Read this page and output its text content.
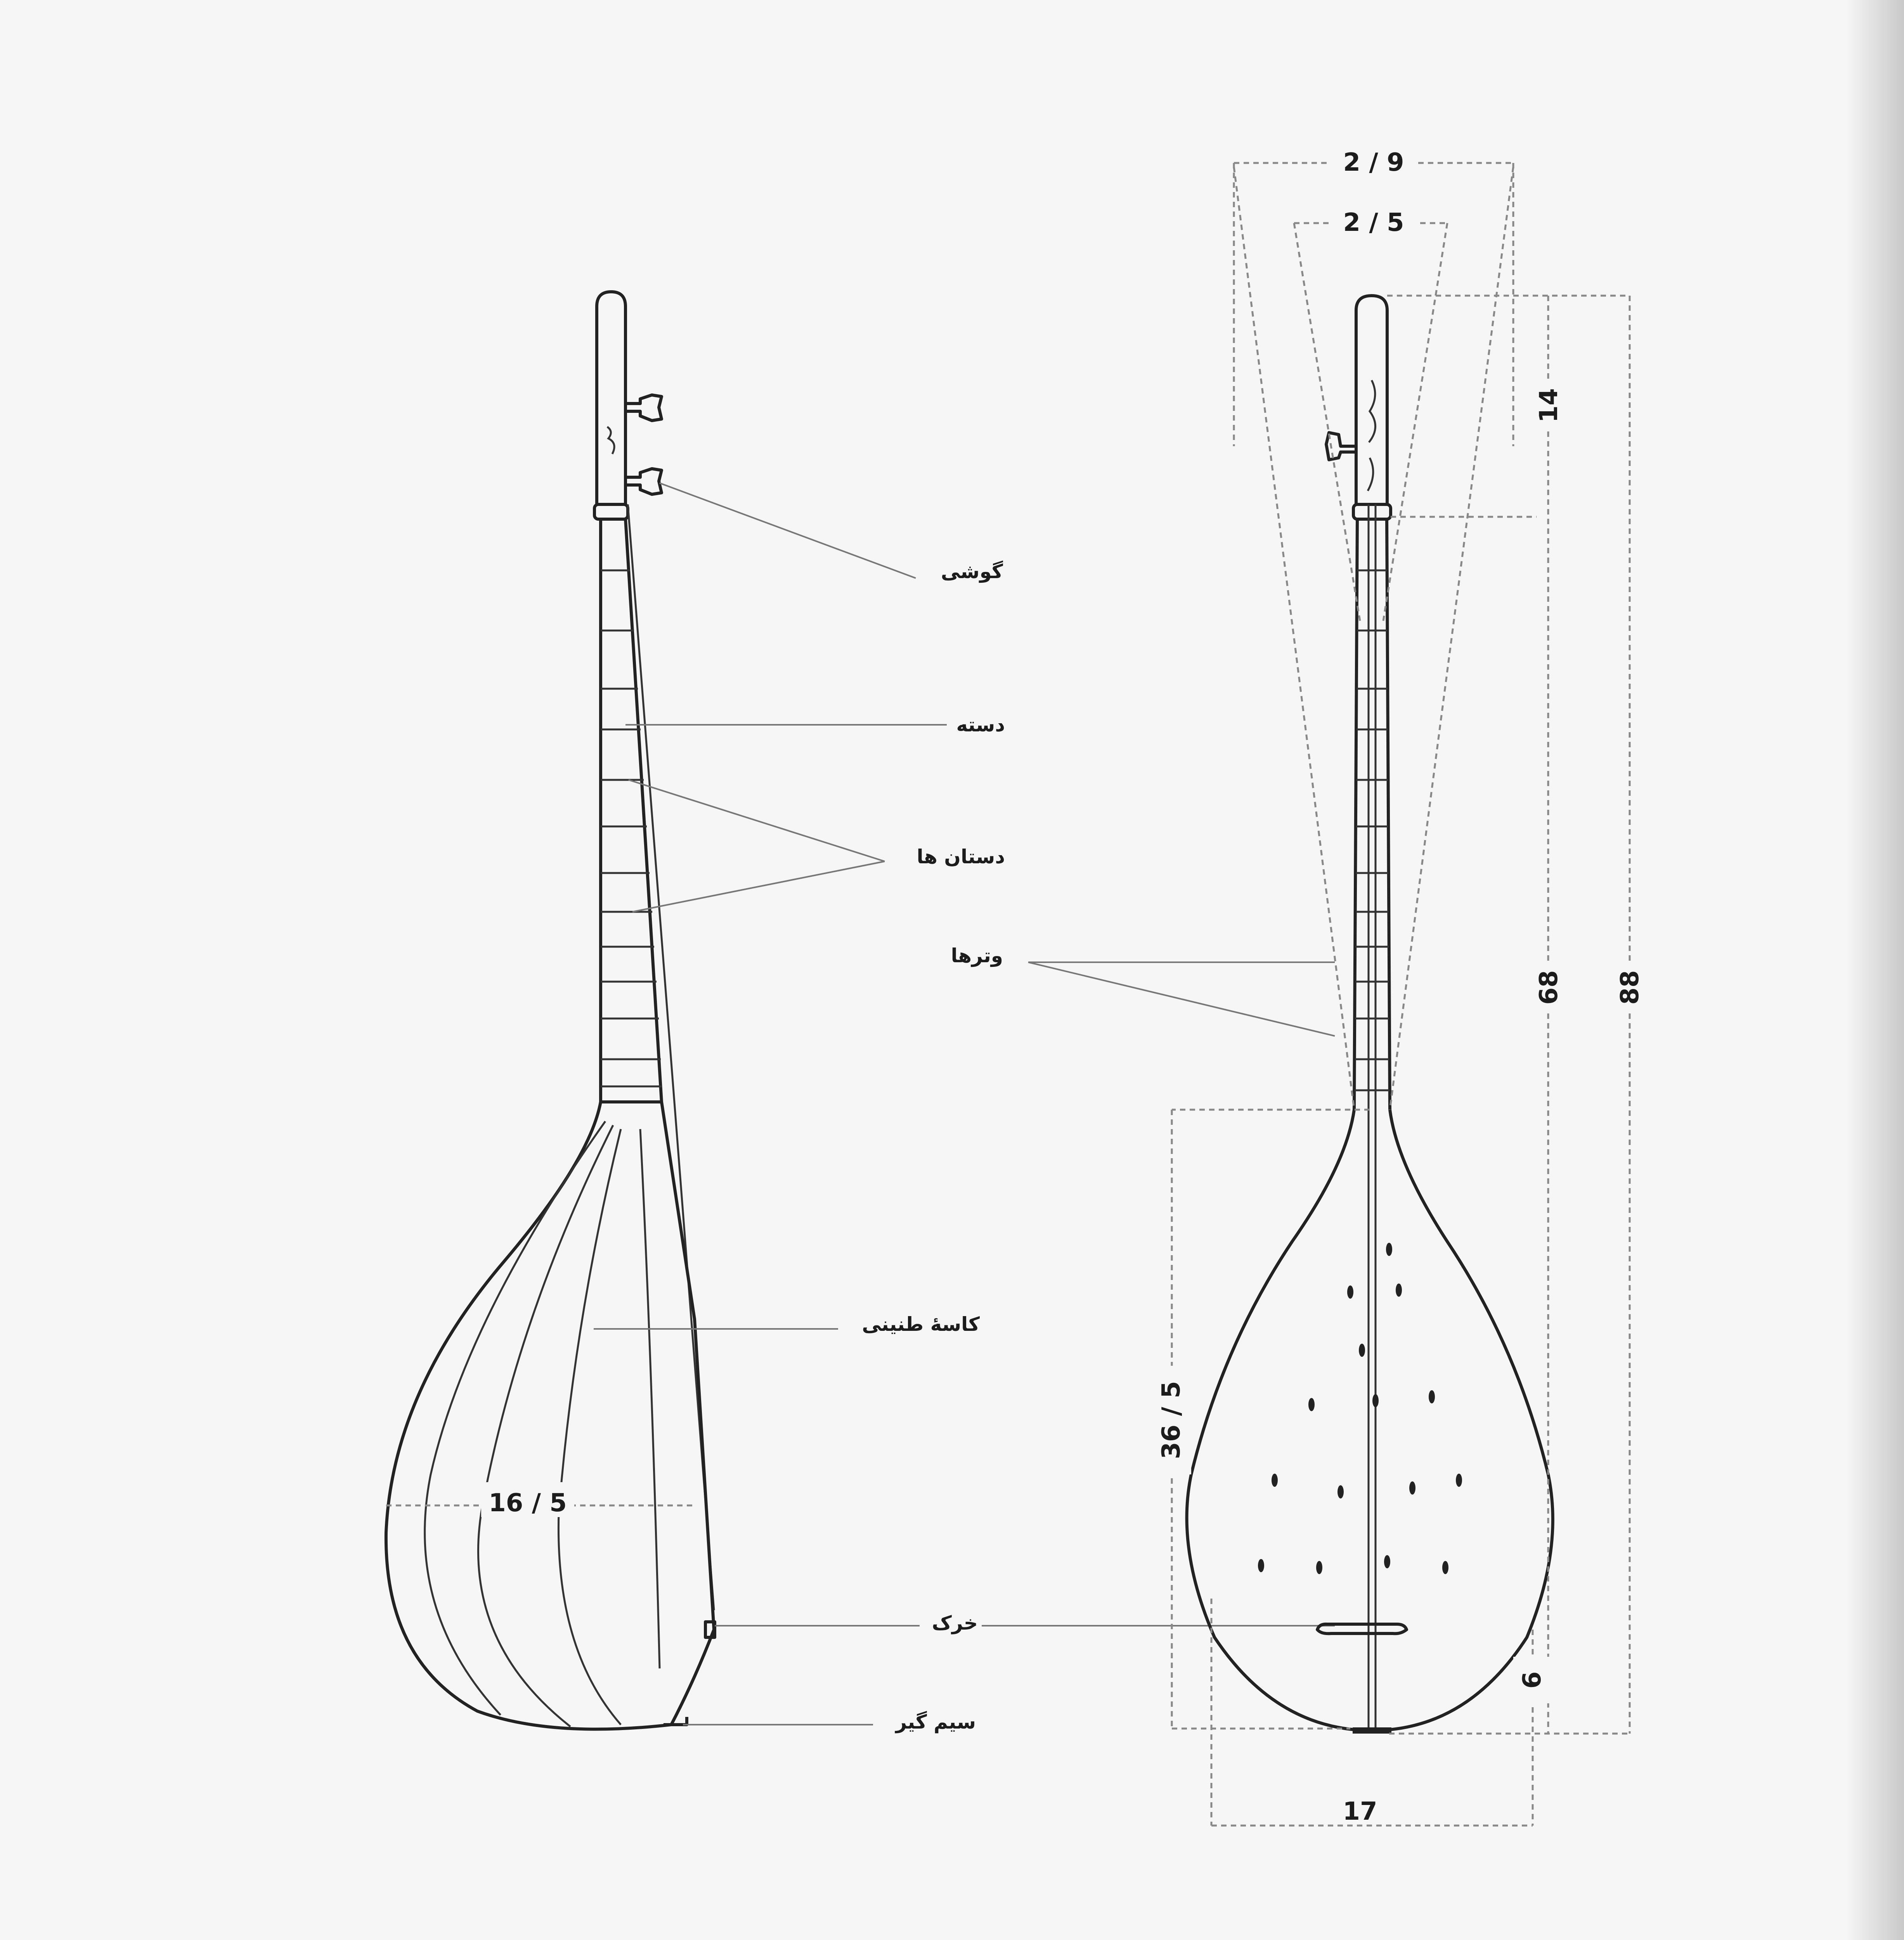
16 / 5
گوشی
دسته
دستان ها
وترها
کاسهٔ طنینی
خرک
سیم گیر
2 / 9
2 / 5
14
68 88
36 / 5
6
17
